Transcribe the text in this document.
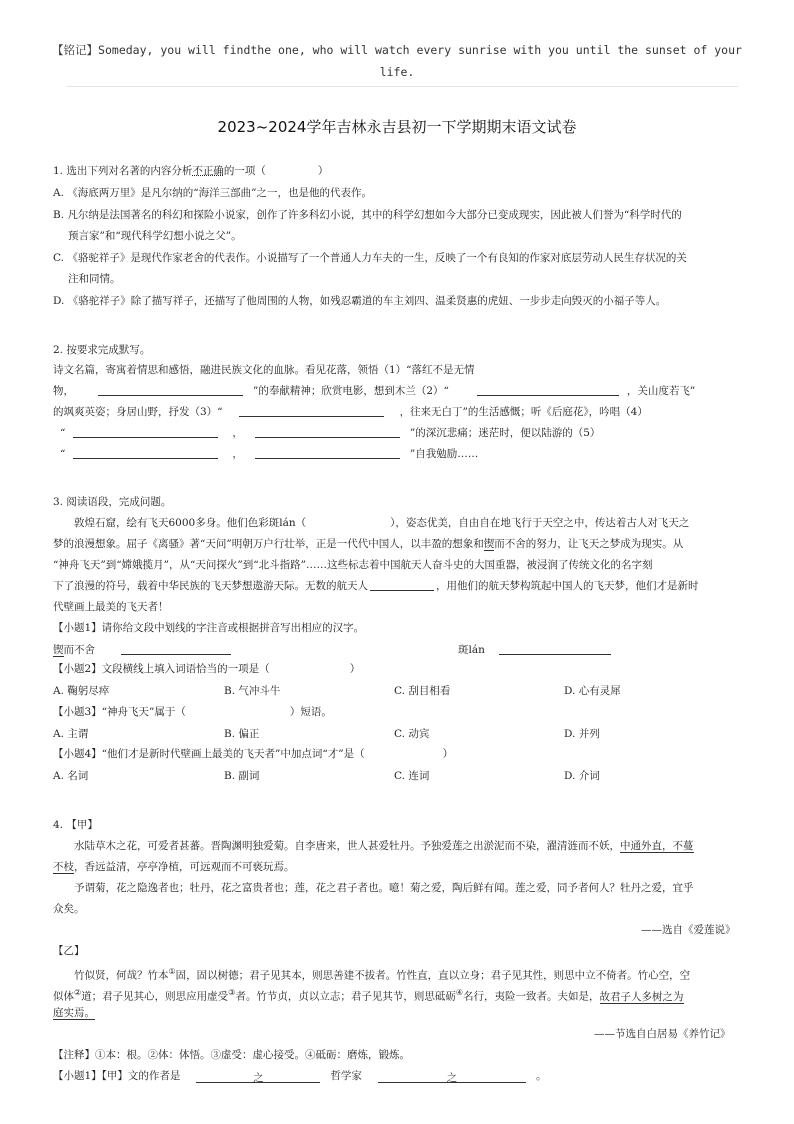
【铭记】Someday, you will findthe one, who will watch every sunrise with you until the sunset of your
life.
2023~2024学年吉林永吉县初一下学期期末语文试卷
1. 选出下列对名著的内容分析不正确的一项（	）
A. 《海底两万里》是凡尔纳的“海洋三部曲”之一，也是他的代表作。
B. 凡尔纳是法国著名的科幻和探险小说家，创作了许多科幻小说，其中的科学幻想如今大部分已变成现实，因此被人们誉为“科学时代的
预言家”和“现代科学幻想小说之父”。
C. 《骆驼祥子》是现代作家老舍的代表作。小说描写了一个普通人力车夫的一生，反映了一个有良知的作家对底层劳动人民生存状况的关
注和同情。
D. 《骆驼祥子》除了描写祥子，还描写了他周围的人物，如残忍霸道的车主刘四、温柔贤惠的虎妞、一步步走向毁灭的小福子等人。
2. 按要求完成默写。
诗文名篇，寄寓着情思和感悟，融进民族文化的血脉。看见花落，领悟（1）“落红不是无情
物，	”的奉献精神；欣赏电影，想到木兰（2）“	，关山度若飞”
的飒爽英姿；身居山野，抒发（3）“	，往来无白丁”的生活感慨；听《后庭花》，吟唱（4）
“	，	”的深沉悲痛；迷茫时，便以陆游的（5）
“	，	”自我勉励……
3. 阅读语段，完成问题。
敦煌石窟，绘有飞天6000多身。他们色彩斑lán（	），姿态优美，自由自在地飞行于天空之中，传达着古人对飞天之
梦的浪漫想象。屈子《离骚》著“天问”明朝万户行壮举，正是一代代中国人，以丰盈的想象和锲而不舍的努力，让飞天之梦成为现实。从
“神舟飞天”到“嫦娥揽月”，从“天问探火”到“北斗指路”……这些标志着中国航天人奋斗史的大国重器，被浸润了传统文化的名字刻
下了浪漫的符号，载着中华民族的飞天梦想遨游天际。无数的航天人	，用他们的航天梦构筑起中国人的飞天梦，他们才是新时
代壁画上最美的飞天者！
【小题1】请你给文段中划线的字注音或根据拼音写出相应的汉字。
锲而不舍	斑lán
【小题2】文段横线上填入词语恰当的一项是（	）
A. 鞠躬尽瘁	B. 气冲斗牛	C. 刮目相看	D. 心有灵犀
【小题3】“神舟飞天”属于（	）短语。
A. 主谓	B. 偏正	C. 动宾	D. 并列
【小题4】“他们才是新时代壁画上最美的飞天者”中加点词“才”是（	）
A. 名词	B. 副词	C. 连词	D. 介词
4. 【甲】
水陆草木之花，可爱者甚蕃。晋陶渊明独爱菊。自李唐来，世人甚爱牡丹。予独爱莲之出淤泥而不染，濯清涟而不妖，中通外直，不蔓
不枝，香远益清，亭亭净植，可远观而不可亵玩焉。
予谓菊，花之隐逸者也；牡丹，花之富贵者也；莲，花之君子者也。噫！菊之爱，陶后鲜有闻。莲之爱，同予者何人？牡丹之爱，宜乎
众矣。
——选自《爱莲说》
【乙】
竹似贤，何哉？竹本①固，固以树德；君子见其本，则思善建不拔者。竹性直，直以立身；君子见其性，则思中立不倚者。竹心空，空
似体②道；君子见其心，则思应用虚受③者。竹节贞，贞以立志；君子见其节，则思砥砺④名行，夷险一致者。夫如是，故君子人多树之为
庭实焉。
——节选自白居易《养竹记》
【注释】①本：根。②体：体悟。③虚受：虚心接受。④砥砺：磨炼，锻炼。
【小题1】【甲】文的作者是	之	哲学家	之	。
